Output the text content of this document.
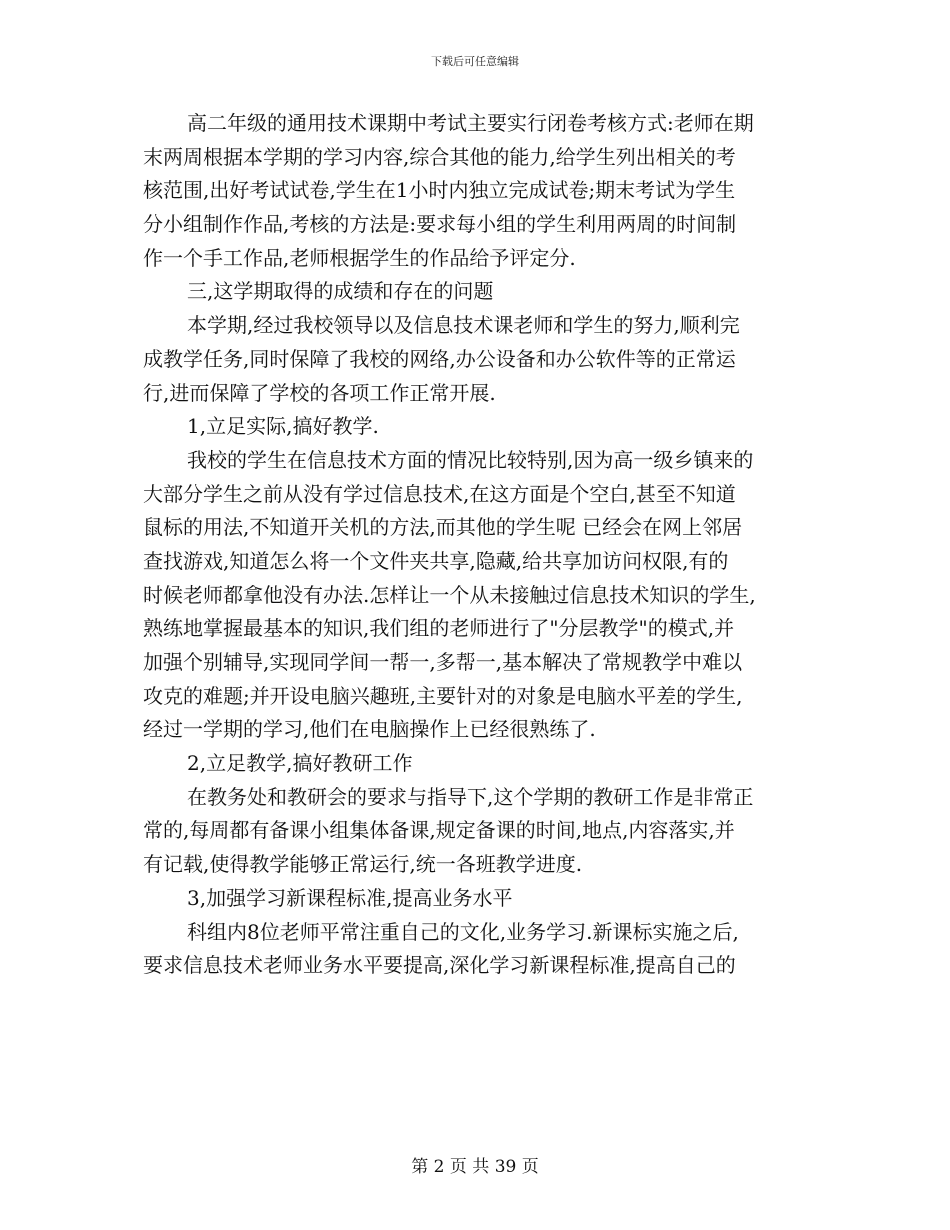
下载后可任意编辑
高二年级的通用技术课期中考试主要实行闭卷考核方式:老师在期
末两周根据本学期的学习内容,综合其他的能力,给学生列出相关的考
核范围,出好考试试卷,学生在1小时内独立完成试卷;期末考试为学生
分小组制作作品,考核的方法是:要求每小组的学生利用两周的时间制
作一个手工作品,老师根据学生的作品给予评定分.
三,这学期取得的成绩和存在的问题
本学期,经过我校领导以及信息技术课老师和学生的努力,顺利完
成教学任务,同时保障了我校的网络,办公设备和办公软件等的正常运
行,进而保障了学校的各项工作正常开展.
1,立足实际,搞好教学.
我校的学生在信息技术方面的情况比较特别,因为高一级乡镇来的
大部分学生之前从没有学过信息技术,在这方面是个空白,甚至不知道
鼠标的用法,不知道开关机的方法,而其他的学生呢 已经会在网上邻居
查找游戏,知道怎么将一个文件夹共享,隐藏,给共享加访问权限,有的
时候老师都拿他没有办法.怎样让一个从未接触过信息技术知识的学生,
熟练地掌握最基本的知识,我们组的老师进行了"分层教学"的模式,并
加强个别辅导,实现同学间一帮一,多帮一,基本解决了常规教学中难以
攻克的难题;并开设电脑兴趣班,主要针对的对象是电脑水平差的学生,
经过一学期的学习,他们在电脑操作上已经很熟练了.
2,立足教学,搞好教研工作
在教务处和教研会的要求与指导下,这个学期的教研工作是非常正
常的,每周都有备课小组集体备课,规定备课的时间,地点,内容落实,并
有记载,使得教学能够正常运行,统一各班教学进度.
3,加强学习新课程标准,提高业务水平
科组内8位老师平常注重自己的文化,业务学习.新课标实施之后,
要求信息技术老师业务水平要提高,深化学习新课程标准,提高自己的
第 2 页 共 39 页
